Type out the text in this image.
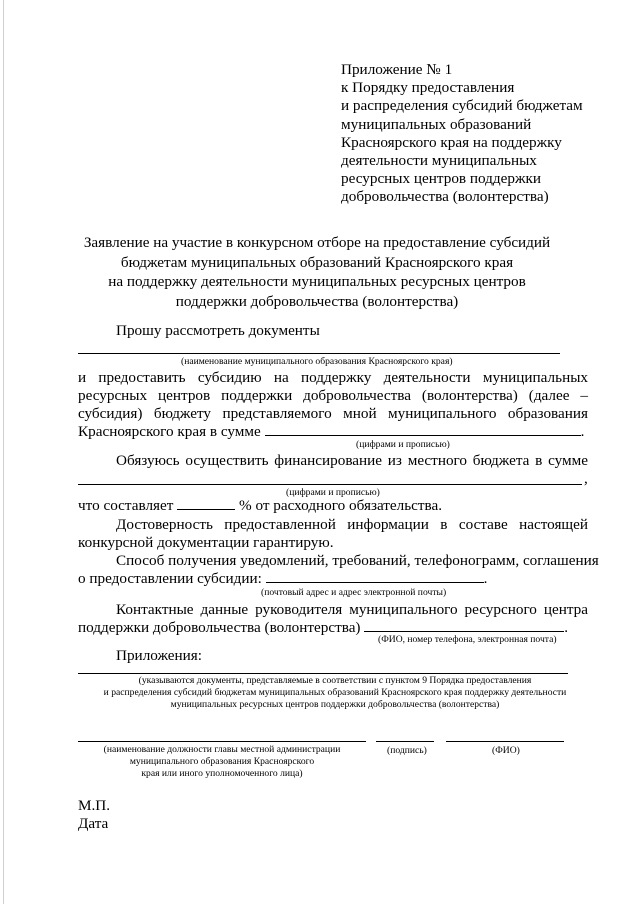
Приложение № 1
к Порядку предоставления
и распределения субсидий бюджетам
муниципальных образований
Красноярского края на поддержку
деятельности муниципальных
ресурсных центров поддержки
добровольчества (волонтерства)
Заявление на участие в конкурсном отборе на предоставление субсидий
бюджетам муниципальных образований Красноярского края
на поддержку деятельности муниципальных ресурсных центров
поддержки добровольчества (волонтерства)
Прошу рассмотреть документы
(наименование муниципального образования Красноярского края)
и предоставить субсидию на поддержку деятельности муниципальных
ресурсных центров поддержки добровольчества (волонтерства) (далее –
субсидия) бюджету представляемого мной муниципального образования
Красноярского края в сумме	.
(цифрами и прописью)
Обязуюсь осуществить финансирование из местного бюджета в сумме
,
(цифрами и прописью)
что составляет	% от расходного обязательства.
Достоверность предоставленной информации в составе настоящей
конкурсной документации гарантирую.
Способ получения уведомлений, требований, телефонограмм, соглашения
о предоставлении субсидии:	.
(почтовый адрес и адрес электронной почты)
Контактные данные руководителя муниципального ресурсного центра
поддержки добровольчества (волонтерства)	.
(ФИО, номер телефона, электронная почта)
Приложения:
(указываются документы, представляемые в соответствии с пунктом 9 Порядка предоставления
и распределения субсидий бюджетам муниципальных образований Красноярского края поддержку деятельности
муниципальных ресурсных центров поддержки добровольчества (волонтерства)
(наименование должности главы местной администрации
муниципального образования Красноярского
края или иного уполномоченного лица)
(подпись)	(ФИО)
М.П.
Дата
